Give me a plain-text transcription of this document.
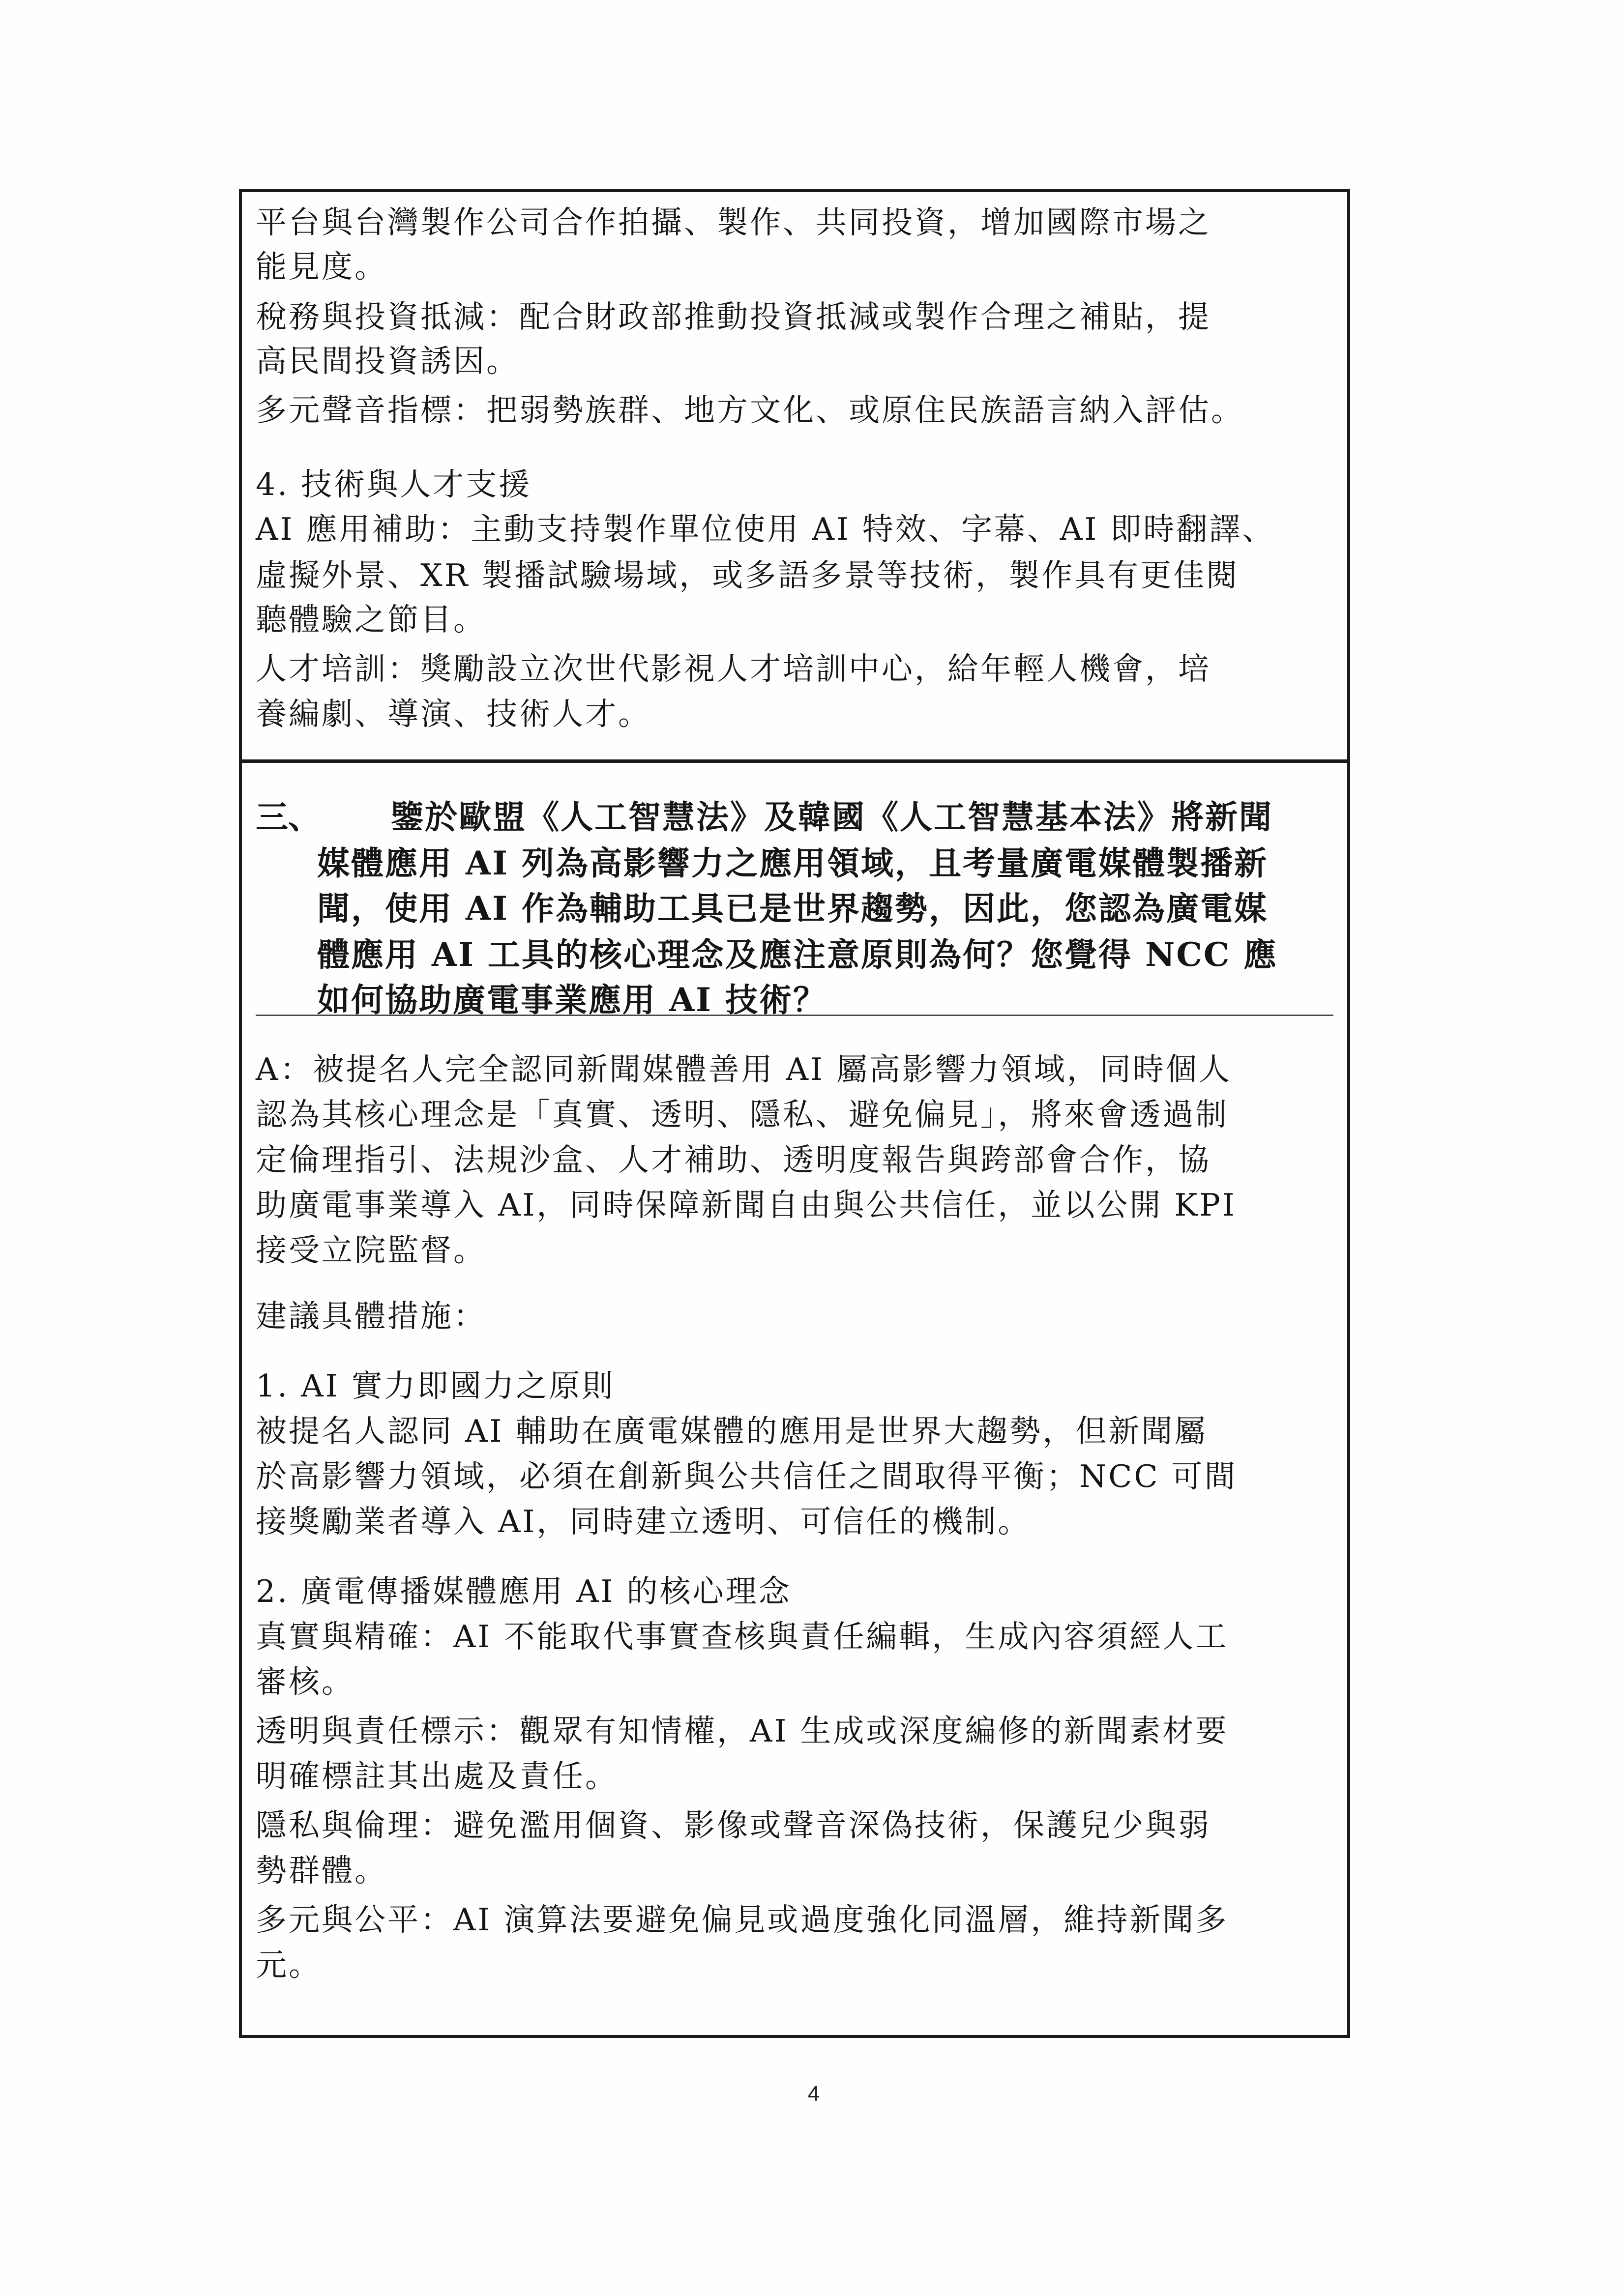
平台與台灣製作公司合作拍攝、製作、共同投資，增加國際市場之
能見度。
稅務與投資抵減：配合財政部推動投資抵減或製作合理之補貼，提
高民間投資誘因。
多元聲音指標：把弱勢族群、地方文化、或原住民族語言納入評估。
4. 技術與人才支援
AI 應用補助：主動支持製作單位使用 AI 特效、字幕、AI 即時翻譯、
虛擬外景、XR 製播試驗場域，或多語多景等技術，製作具有更佳閱
聽體驗之節目。
人才培訓：獎勵設立次世代影視人才培訓中心，給年輕人機會，培
養編劇、導演、技術人才。
三、 鑒於歐盟《人工智慧法》及韓國《人工智慧基本法》將新聞
媒體應用 AI 列為高影響力之應用領域，且考量廣電媒體製播新
聞，使用 AI 作為輔助工具已是世界趨勢，因此，您認為廣電媒
體應用 AI 工具的核心理念及應注意原則為何？您覺得 NCC 應
如何協助廣電事業應用 AI 技術？
A：被提名人完全認同新聞媒體善用 AI 屬高影響力領域，同時個人
認為其核心理念是「真實、透明、隱私、避免偏見」，將來會透過制
定倫理指引、法規沙盒、人才補助、透明度報告與跨部會合作，協
助廣電事業導入 AI，同時保障新聞自由與公共信任，並以公開 KPI
接受立院監督。
建議具體措施：
1. AI 實力即國力之原則
被提名人認同 AI 輔助在廣電媒體的應用是世界大趨勢，但新聞屬
於高影響力領域，必須在創新與公共信任之間取得平衡；NCC 可間
接獎勵業者導入 AI，同時建立透明、可信任的機制。
2. 廣電傳播媒體應用 AI 的核心理念
真實與精確：AI 不能取代事實查核與責任編輯，生成內容須經人工
審核。
透明與責任標示：觀眾有知情權，AI 生成或深度編修的新聞素材要
明確標註其出處及責任。
隱私與倫理：避免濫用個資、影像或聲音深偽技術，保護兒少與弱
勢群體。
多元與公平：AI 演算法要避免偏見或過度強化同溫層，維持新聞多
元。
4
